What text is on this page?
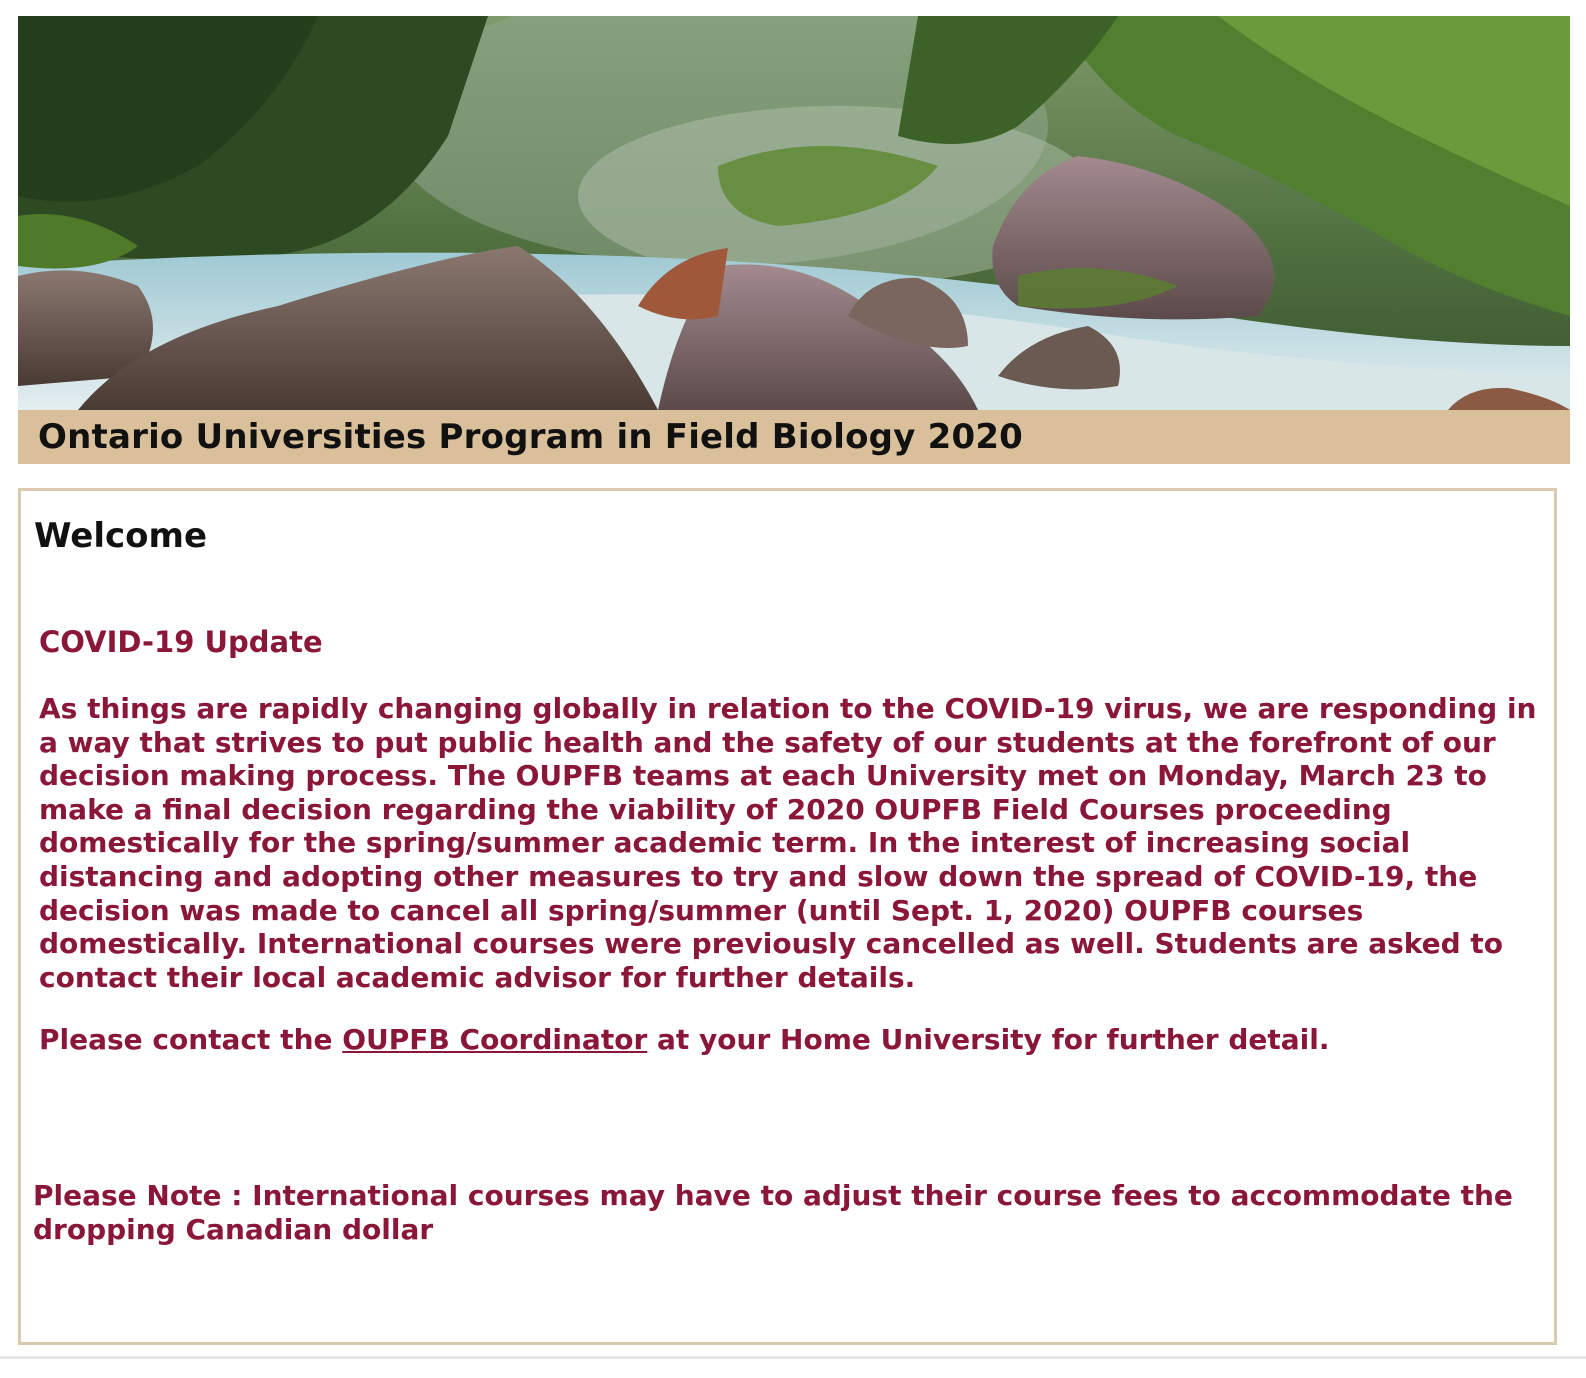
Ontario Universities Program in Field Biology 2020
Welcome
COVID-19 Update

As things are rapidly changing globally in relation to the COVID-19 virus, we are responding in a way that strives to put public health and the safety of our students at the forefront of our decision making process. The OUPFB teams at each University met on Monday, March 23 to make a final decision regarding the viability of 2020 OUPFB Field Courses proceeding domestically for the spring/summer academic term. In the interest of increasing social distancing and adopting other measures to try and slow down the spread of COVID-19, the decision was made to cancel all spring/summer (until Sept. 1, 2020) OUPFB courses domestically. International courses were previously cancelled as well. Students are asked to contact their local academic advisor for further details.

Please contact the OUPFB Coordinator at your Home University for further detail.

Please Note : International courses may have to adjust their course fees to accommodate the dropping Canadian dollar
